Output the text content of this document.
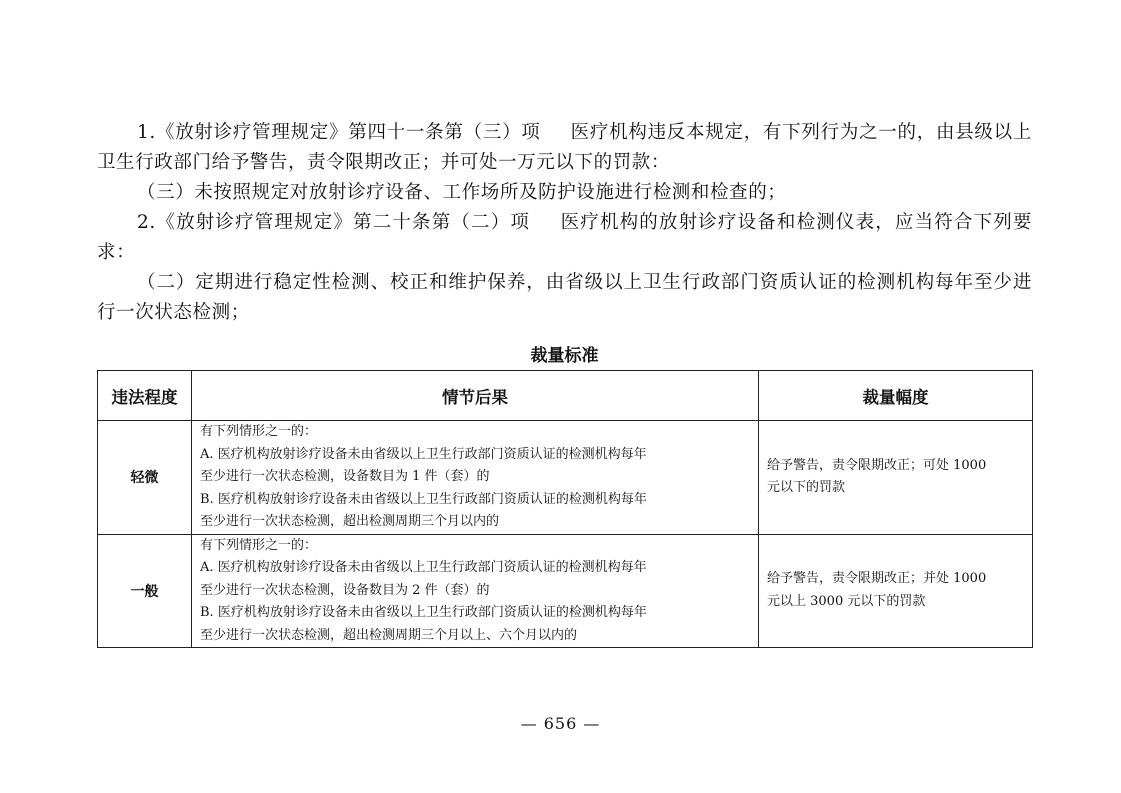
1.《放射诊疗管理规定》第四十一条第（三）项 医疗机构违反本规定，有下列行为之一的，由县级以上卫生行政部门给予警告，责令限期改正；并可处一万元以下的罚款：

（三）未按照规定对放射诊疗设备、工作场所及防护设施进行检测和检查的；

2.《放射诊疗管理规定》第二十条第（二）项 医疗机构的放射诊疗设备和检测仪表，应当符合下列要求：

（二）定期进行稳定性检测、校正和维护保养，由省级以上卫生行政部门资质认证的检测机构每年至少进行一次状态检测；

裁量标准
违法程度	情节后果	裁量幅度
轻微	有下列情形之一的：
A. 医疗机构放射诊疗设备未由省级以上卫生行政部门资质认证的检测机构每年
至少进行一次状态检测，设备数目为 1 件（套）的
B. 医疗机构放射诊疗设备未由省级以上卫生行政部门资质认证的检测机构每年
至少进行一次状态检测，超出检测周期三个月以内的	给予警告，责令限期改正；可处 1000
元以下的罚款

一般	有下列情形之一的：
A. 医疗机构放射诊疗设备未由省级以上卫生行政部门资质认证的检测机构每年
至少进行一次状态检测，设备数目为 2 件（套）的
B. 医疗机构放射诊疗设备未由省级以上卫生行政部门资质认证的检测机构每年
至少进行一次状态检测，超出检测周期三个月以上、六个月以内的	给予警告，责令限期改正；并处 1000
元以上 3000 元以下的罚款
— 656 —
